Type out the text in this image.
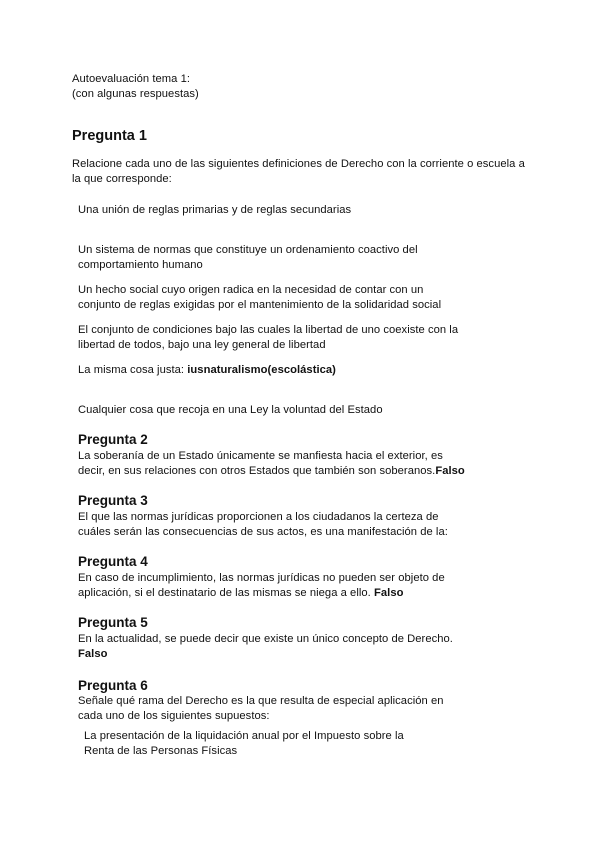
Autoevaluación tema 1:
(con algunas respuestas)
Pregunta 1
Relacione cada uno de las siguientes definiciones de Derecho con la corriente o escuela a
la que corresponde:
Una unión de reglas primarias y de reglas secundarias
Un sistema de normas que constituye un ordenamiento coactivo del
comportamiento humano
Un hecho social cuyo origen radica en la necesidad de contar con un
conjunto de reglas exigidas por el mantenimiento de la solidaridad social
El conjunto de condiciones bajo las cuales la libertad de uno coexiste con la
libertad de todos, bajo una ley general de libertad
La misma cosa justa: iusnaturalismo(escolástica)
Cualquier cosa que recoja en una Ley la voluntad del Estado
Pregunta 2
La soberanía de un Estado únicamente se manfiesta hacia el exterior, es
decir, en sus relaciones con otros Estados que también son soberanos.Falso
Pregunta 3
El que las normas jurídicas proporcionen a los ciudadanos la certeza de
cuáles serán las consecuencias de sus actos, es una manifestación de la:
Pregunta 4
En caso de incumplimiento, las normas jurídicas no pueden ser objeto de
aplicación, si el destinatario de las mismas se niega a ello. Falso
Pregunta 5
En la actualidad, se puede decir que existe un único concepto de Derecho.
Falso
Pregunta 6
Señale qué rama del Derecho es la que resulta de especial aplicación en
cada uno de los siguientes supuestos:
La presentación de la liquidación anual por el Impuesto sobre la
Renta de las Personas Físicas
